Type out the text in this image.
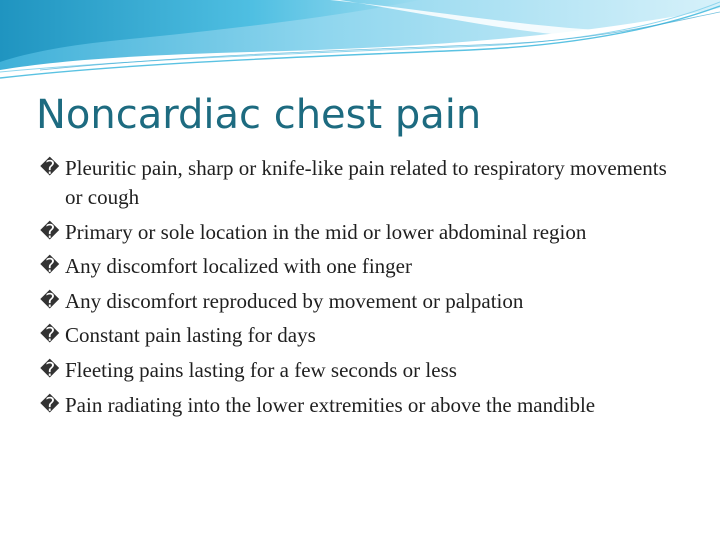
Noncardiac chest pain
� Pleuritic pain, sharp or knife-like pain related to respiratory movements or cough
� Primary or sole location in the mid or lower abdominal region
� Any discomfort localized with one finger
� Any discomfort reproduced by movement or palpation
� Constant pain lasting for days
� Fleeting pains lasting for a few seconds or less
� Pain radiating into the lower extremities or above the mandible
